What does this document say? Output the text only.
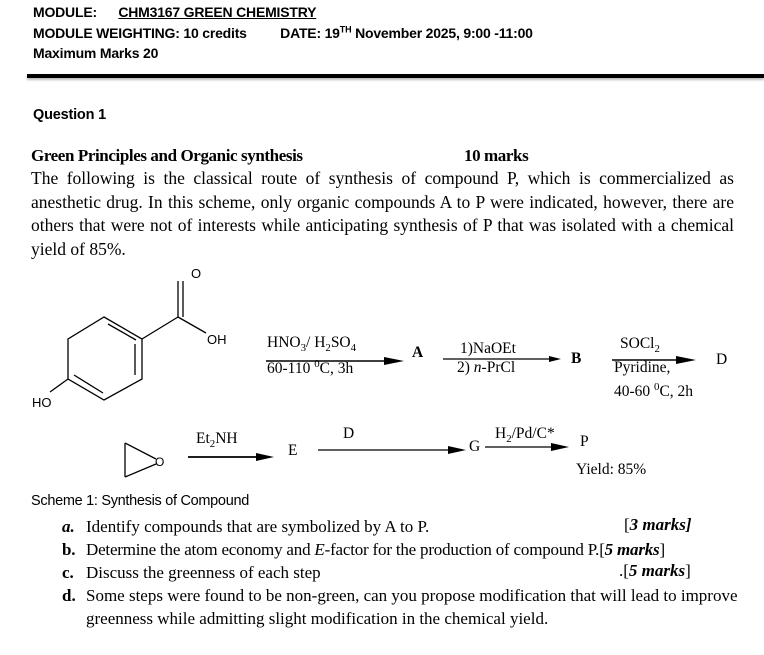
MODULE: CHM3167 GREEN CHEMISTRY
MODULE WEIGHTING: 10 credits DATE: 19TH November 2025, 9:00 -11:00
Maximum Marks 20
Question 1
Green Principles and Organic synthesis	10 marks
The following is the classical route of synthesis of compound P, which is commercialized as anesthetic drug. In this scheme, only organic compounds A to P were indicated, however, there are others that were not of interests while anticipating synthesis of P that was isolated with a chemical yield of 85%.
O
OH
HO
$HNO_3/$ $H_2SO_4$
60-110 $^0$C, 3h
A 1)NaOEt
2) n-PrCl
B
SOCl$_2$
Pyridine,
40-60 $^0$C, 2h
D
O
$Et_2NH$
E
D
G
$H_2/Pd/C*$ P
Yield: 85%
Scheme 1: Synthesis of Compound
a. Identify compounds that are symbolized by A to P.	[3 marks]
b. Determine the atom economy and E-factor for the production of compound P.[5 marks]
c. Discuss the greenness of each step	.[5 marks]
d. Some steps were found to be non-green, can you propose modification that will lead to improve greenness while admitting slight modification in the chemical yield.
